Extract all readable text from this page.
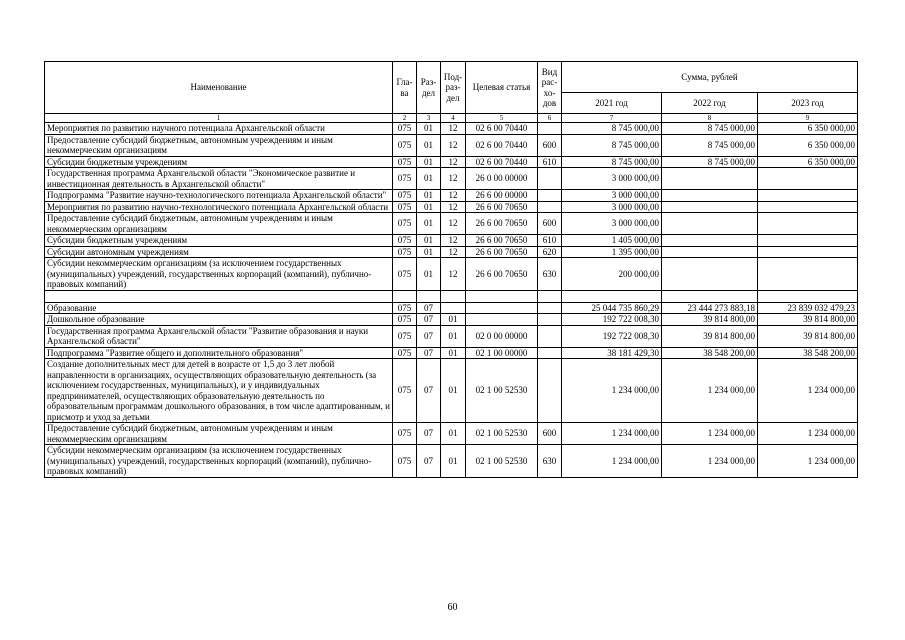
Наименование	Гла-ва	Раз-дел	Под-раз-дел	Целевая статья	Вид рас-хо-дов	Сумма, рублей		
						2021 год	2022 год	2023 год
1	2	3	4	5	6	7	8	9
Мероприятия по развитию научного потенциала Архангельской области	075	01	12	02 6 00 70440		8 745 000,00	8 745 000,00	6 350 000,00
Предоставление субсидий бюджетным, автономным учреждениям и иным некоммерческим организациям	075	01	12	02 6 00 70440	600	8 745 000,00	8 745 000,00	6 350 000,00
Субсидии бюджетным учреждениям	075	01	12	02 6 00 70440	610	8 745 000,00	8 745 000,00	6 350 000,00
Государственная программа Архангельской области "Экономическое развитие и инвестиционная деятельность в Архангельской области"	075	01	12	26 0 00 00000		3 000 000,00		
Подпрограмма "Развитие научно-технологического потенциала Архангельской области"	075	01	12	26 6 00 00000		3 000 000,00		
Мероприятия по развитию научно-технологического потенциала Архангельской области	075	01	12	26 6 00 70650		3 000 000,00		
Предоставление субсидий бюджетным, автономным учреждениям и иным некоммерческим организациям	075	01	12	26 6 00 70650	600	3 000 000,00		
Субсидии бюджетным учреждениям	075	01	12	26 6 00 70650	610	1 405 000,00		
Субсидии автономным учреждениям	075	01	12	26 6 00 70650	620	1 395 000,00		
Субсидии некоммерческим организациям (за исключением государственных (муниципальных) учреждений, государственных корпораций (компаний), публично-правовых компаний)	075	01	12	26 6 00 70650	630	200 000,00		

Образование	075	07				25 044 735 860,29	23 444 273 883,18	23 839 032 479,23
Дошкольное образование	075	07	01			192 722 008,30	39 814 800,00	39 814 800,00
Государственная программа Архангельской области "Развитие образования и науки Архангельской области"	075	07	01	02 0 00 00000		192 722 008,30	39 814 800,00	39 814 800,00
Подпрограмма "Развитие общего и дополнительного образования"	075	07	01	02 1 00 00000		38 181 429,30	38 548 200,00	38 548 200,00
Создание дополнительных мест для детей в возрасте от 1,5 до 3 лет любой направленности в организациях, осуществляющих образовательную деятельность (за исключением государственных, муниципальных), и у индивидуальных предпринимателей, осуществляющих образовательную деятельность по образовательным программам дошкольного образования, в том числе адаптированным, и присмотр и уход за детьми	075	07	01	02 1 00 52530		1 234 000,00	1 234 000,00	1 234 000,00
Предоставление субсидий бюджетным, автономным учреждениям и иным некоммерческим организациям	075	07	01	02 1 00 52530	600	1 234 000,00	1 234 000,00	1 234 000,00
Субсидии некоммерческим организациям (за исключением государственных (муниципальных) учреждений, государственных корпораций (компаний), публично-правовых компаний)	075	07	01	02 1 00 52530	630	1 234 000,00	1 234 000,00	1 234 000,00
60
